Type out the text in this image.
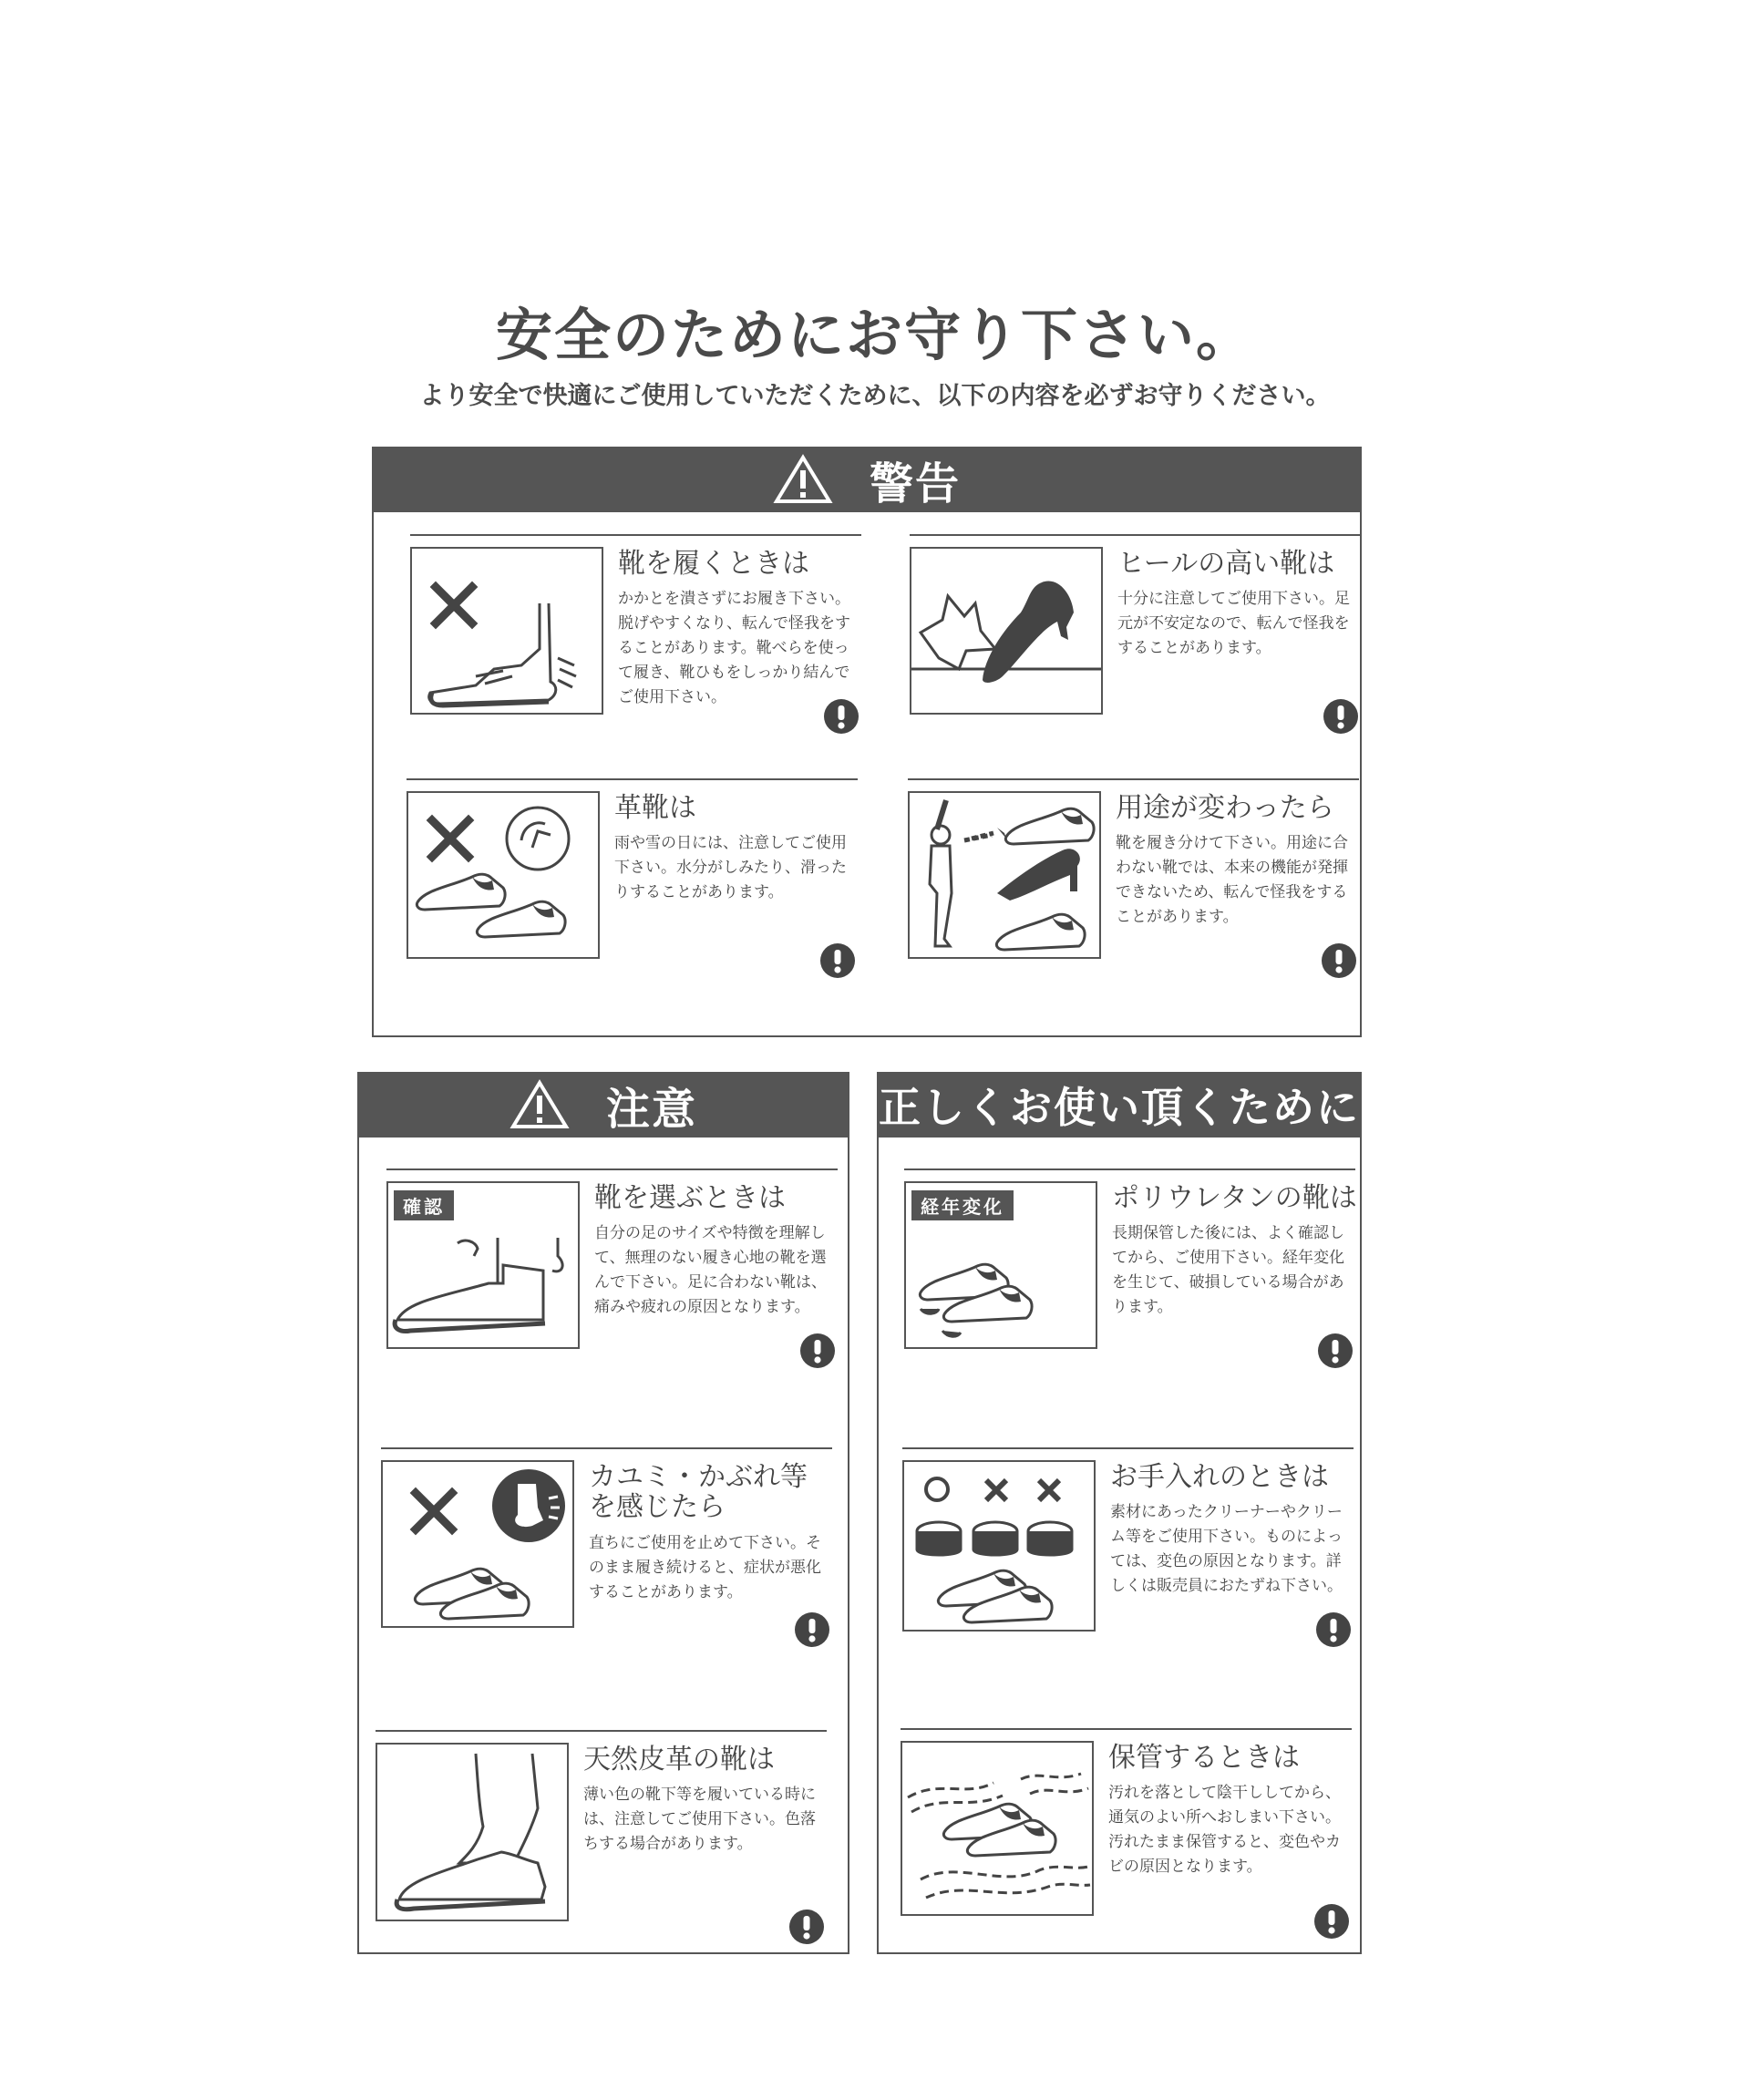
安全のためにお守り下さい。
より安全で快適にご使用していただくために、以下の内容を必ずお守りください。
警告
靴を履くときは
かかとを潰さずにお履き下さい。脱げやすくなり、転んで怪我をすることがあります。靴べらを使って履き、靴ひもをしっかり結んでご使用下さい。
ヒールの高い靴は
十分に注意してご使用下さい。足元が不安定なので、転んで怪我をすることがあります。
革靴は
雨や雪の日には、注意してご使用下さい。水分がしみたり、滑ったりすることがあります。
用途が変わったら
靴を履き分けて下さい。用途に合わない靴では、本来の機能が発揮できないため、転んで怪我をすることがあります。
注意
確認	靴を選ぶときは
自分の足のサイズや特徴を理解して、無理のない履き心地の靴を選んで下さい。足に合わない靴は、痛みや疲れの原因となります。
カユミ・かぶれ等を感じたら
直ちにご使用を止めて下さい。そのまま履き続けると、症状が悪化することがあります。
天然皮革の靴は
薄い色の靴下等を履いている時には、注意してご使用下さい。色落ちする場合があります。
正しくお使い頂くために
経年変化	ポリウレタンの靴は
長期保管した後には、よく確認してから、ご使用下さい。経年変化を生じて、破損している場合があります。
お手入れのときは
素材にあったクリーナーやクリーム等をご使用下さい。ものによっては、変色の原因となります。詳しくは販売員におたずね下さい。
保管するときは
汚れを落として陰干ししてから、通気のよい所へおしまい下さい。汚れたまま保管すると、変色やカビの原因となります。
